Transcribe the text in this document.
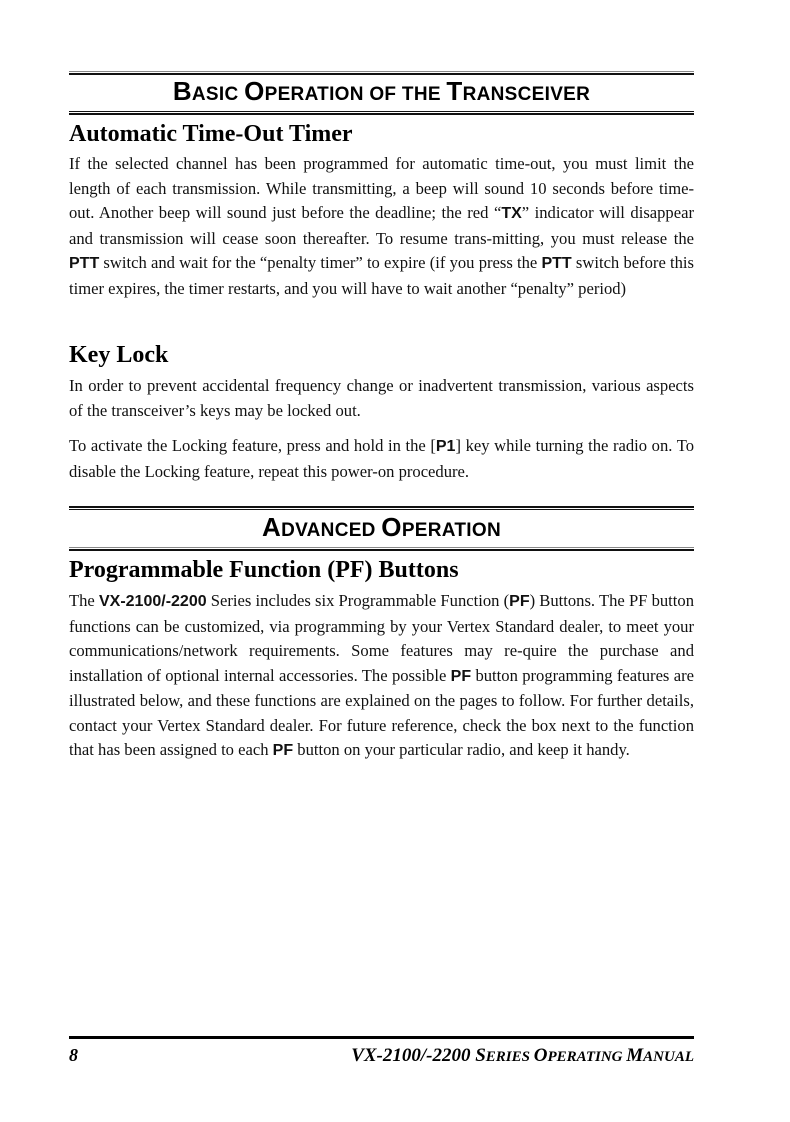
BASIC OPERATION OF THE TRANSCEIVER
Automatic Time-Out Timer

If the selected channel has been programmed for automatic time-out, you must limit the length of each transmission. While transmitting, a beep will sound 10 seconds before time-out. Another beep will sound just before the deadline; the red “TX” indicator will disappear and transmission will cease soon thereafter. To resume trans-mitting, you must release the PTT switch and wait for the “penalty timer” to expire (if you press the PTT switch before this timer expires, the timer restarts, and you will have to wait another “penalty” period)

Key Lock

In order to prevent accidental frequency change or inadvertent transmission, various aspects of the transceiver’s keys may be locked out.

To activate the Locking feature, press and hold in the [P1] key while turning the radio on. To disable the Locking feature, repeat this power-on procedure.

ADVANCED OPERATION
Programmable Function (PF) Buttons

The VX-2100/-2200 Series includes six Programmable Function (PF) Buttons. The PF button functions can be customized, via programming by your Vertex Standard dealer, to meet your communications/network requirements. Some features may re-quire the purchase and installation of optional internal accessories. The possible PF button programming features are illustrated below, and these functions are explained on the pages to follow. For further details, contact your Vertex Standard dealer. For future reference, check the box next to the function that has been assigned to each PF button on your particular radio, and keep it handy.

8	VX-2100/-2200 SERIES OPERATING MANUAL
